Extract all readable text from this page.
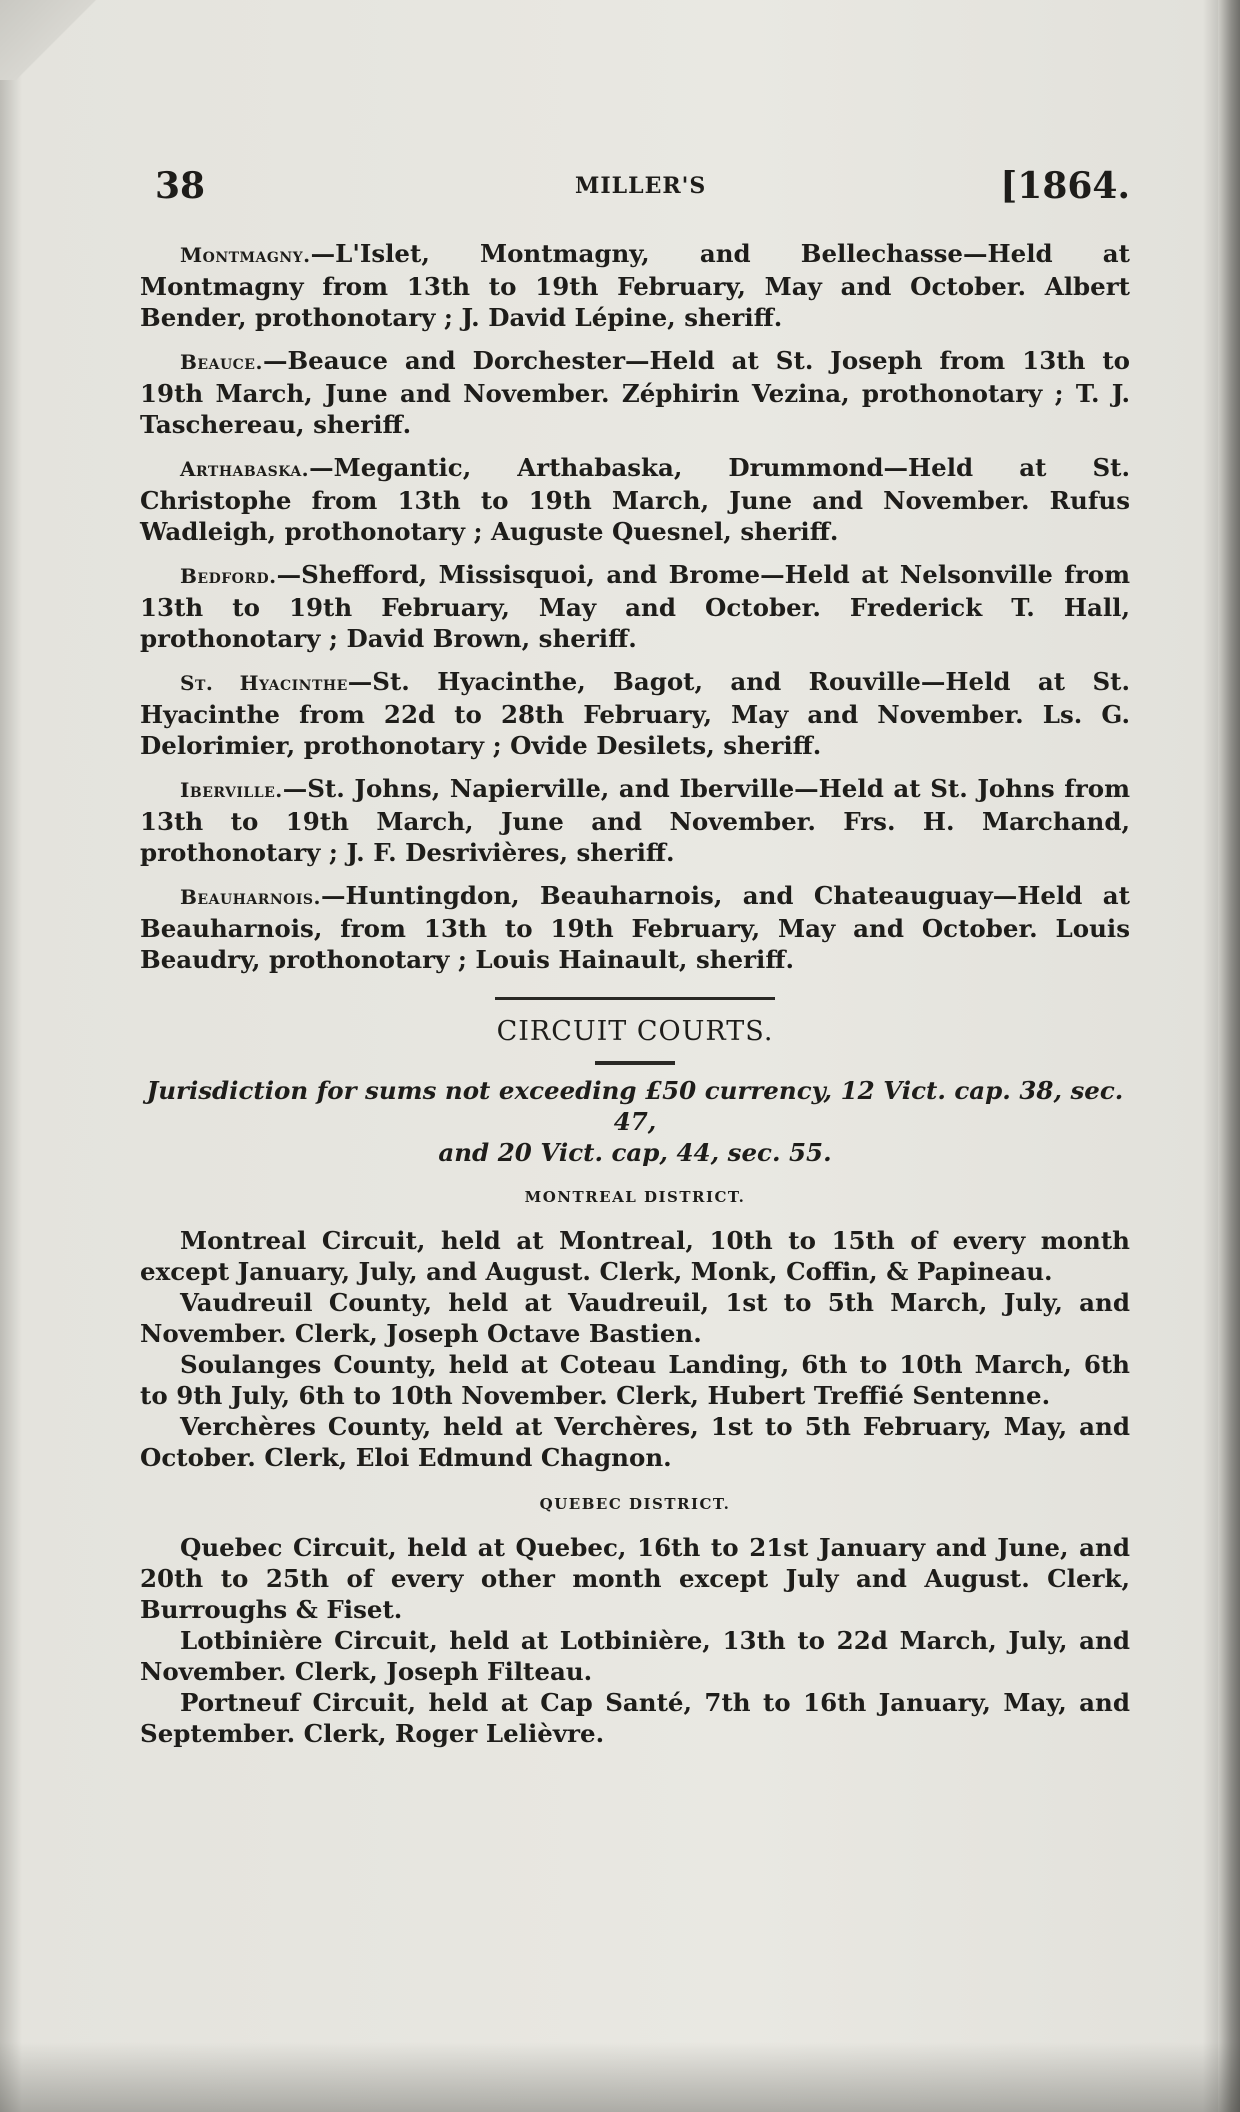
38	MILLER'S	[1864.

Montmagny.—L'Islet, Montmagny, and Bellechasse—Held at Montmagny from 13th to 19th February, May and October. Albert Bender, prothonotary ; J. David Lépine, sheriff.

Beauce.—Beauce and Dorchester—Held at St. Joseph from 13th to 19th March, June and November. Zéphirin Vezina, prothonotary ; T. J. Taschereau, sheriff.

Arthabaska.—Megantic, Arthabaska, Drummond—Held at St. Christophe from 13th to 19th March, June and November. Rufus Wadleigh, prothonotary ; Auguste Quesnel, sheriff.

Bedford.—Shefford, Missisquoi, and Brome—Held at Nelsonville from 13th to 19th February, May and October. Frederick T. Hall, prothonotary ; David Brown, sheriff.

St. Hyacinthe—St. Hyacinthe, Bagot, and Rouville—Held at St. Hyacinthe from 22d to 28th February, May and November. Ls. G. Delorimier, prothonotary ; Ovide Desilets, sheriff.

Iberville.—St. Johns, Napierville, and Iberville—Held at St. Johns from 13th to 19th March, June and November. Frs. H. Marchand, prothonotary ; J. F. Desrivières, sheriff.

Beauharnois.—Huntingdon, Beauharnois, and Chateauguay—Held at Beauharnois, from 13th to 19th February, May and October. Louis Beaudry, prothonotary ; Louis Hainault, sheriff.

CIRCUIT COURTS.

Jurisdiction for sums not exceeding £50 currency, 12 Vict. cap. 38, sec. 47,
and 20 Vict. cap, 44, sec. 55.

MONTREAL DISTRICT.

Montreal Circuit, held at Montreal, 10th to 15th of every month except January, July, and August. Clerk, Monk, Coffin, & Papineau.

Vaudreuil County, held at Vaudreuil, 1st to 5th March, July, and November. Clerk, Joseph Octave Bastien.

Soulanges County, held at Coteau Landing, 6th to 10th March, 6th to 9th July, 6th to 10th November. Clerk, Hubert Treffié Sentenne.

Verchères County, held at Verchères, 1st to 5th February, May, and October. Clerk, Eloi Edmund Chagnon.

QUEBEC DISTRICT.

Quebec Circuit, held at Quebec, 16th to 21st January and June, and 20th to 25th of every other month except July and August. Clerk, Burroughs & Fiset.

Lotbinière Circuit, held at Lotbinière, 13th to 22d March, July, and November. Clerk, Joseph Filteau.

Portneuf Circuit, held at Cap Santé, 7th to 16th January, May, and September. Clerk, Roger Lelièvre.
